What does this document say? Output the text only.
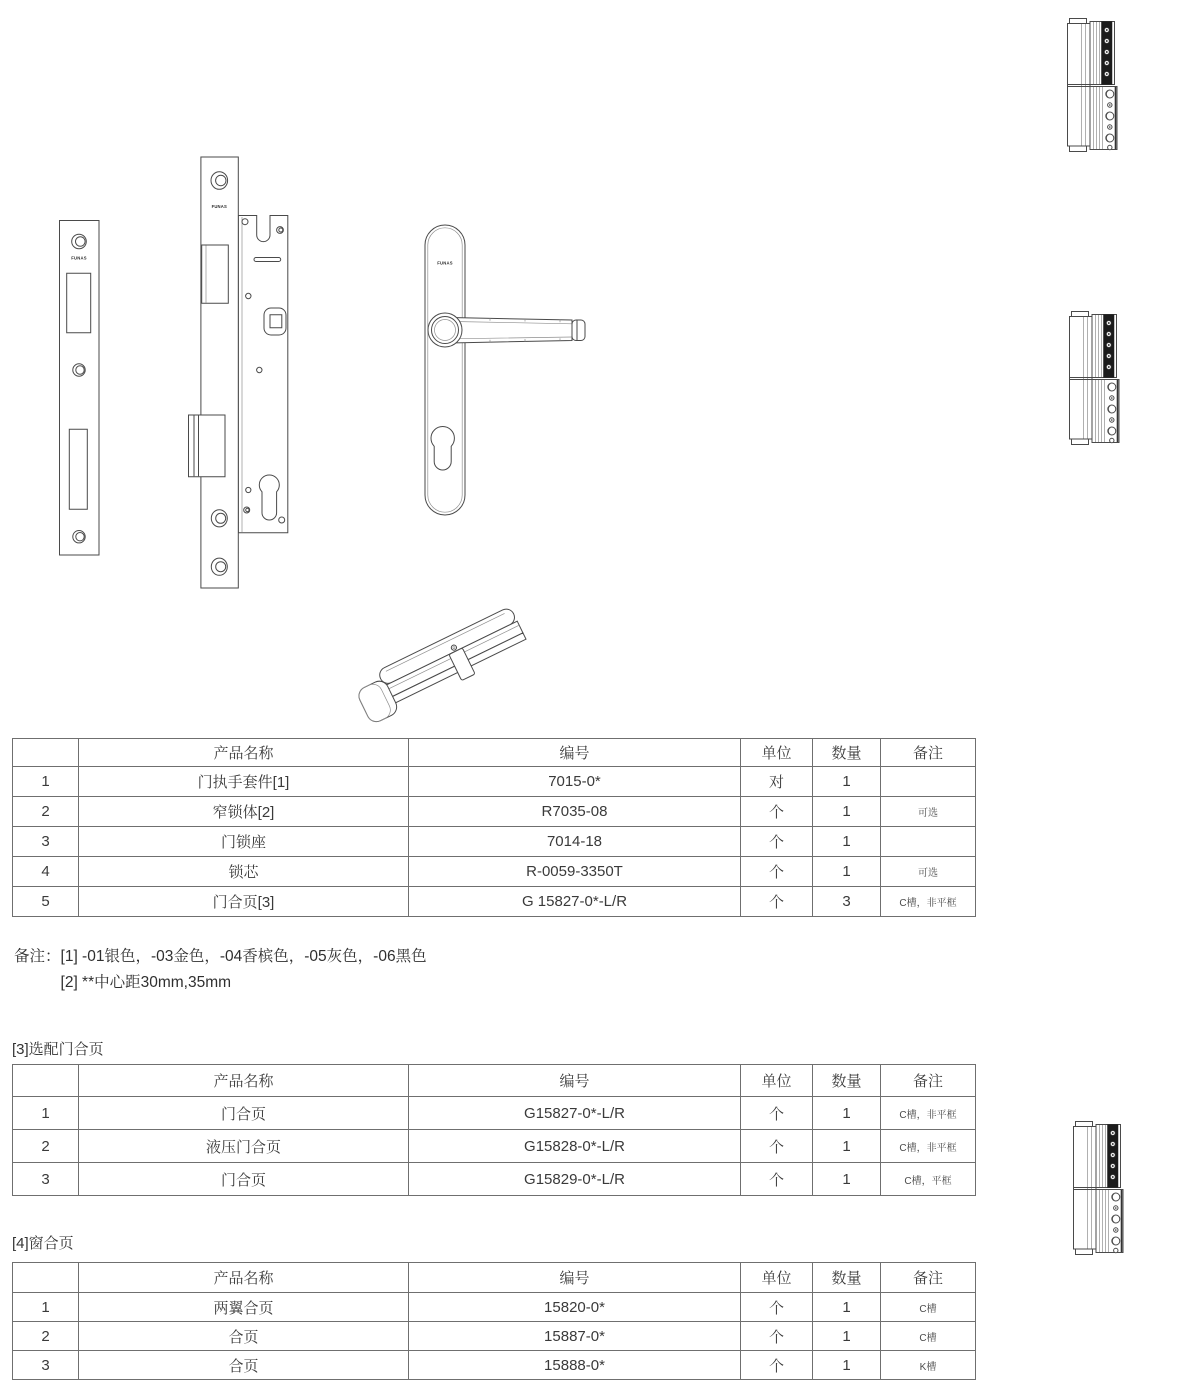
FUNAS
FUNAS
FUNAS
	产品名称	编号	单位	数量	备注
1	门执手套件[1]	7015-0*	对	1	
2	窄锁体[2]	R7035-08	个	1	可选
3	门锁座	7014-18	个	1	
4	锁芯	R-0059-3350T	个	1	可选
5	门合页[3]	G 15827-0*-L/R	个	3	C槽，非平框
备注： [1] -01银色，-03金色，-04香槟色，-05灰色，-06黑色
[2] **中心距30mm,35mm
[3]选配门合页
	产品名称	编号	单位	数量	备注
1	门合页	G15827-0*-L/R	个	1	C槽，非平框
2	液压门合页	G15828-0*-L/R	个	1	C槽，非平框
3	门合页	G15829-0*-L/R	个	1	C槽，平框
[4]窗合页
	产品名称	编号	单位	数量	备注
1	两翼合页	15820-0*	个	1	C槽
2	合页	15887-0*	个	1	C槽
3	合页	15888-0*	个	1	K槽
